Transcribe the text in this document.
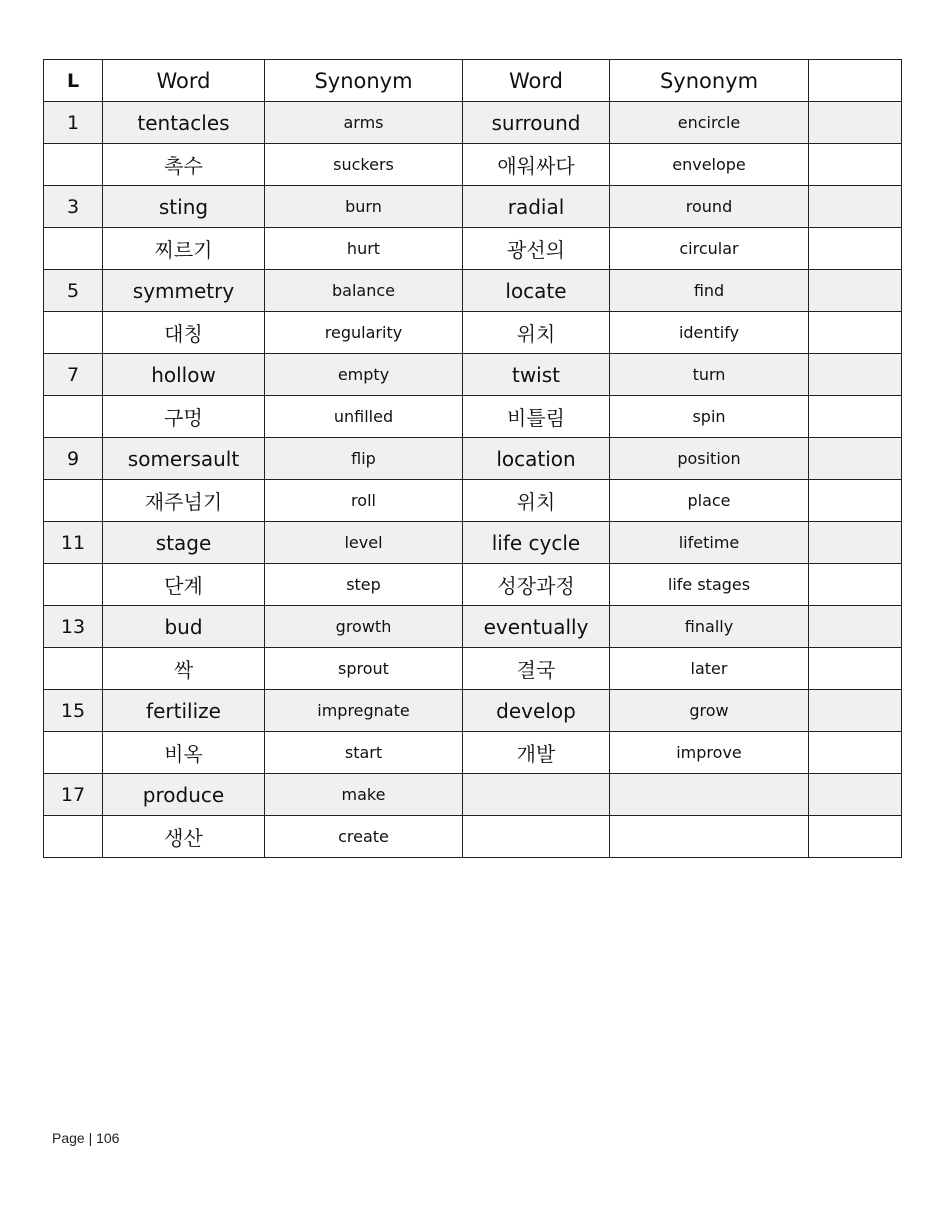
L	Word	Synonym	Word	Synonym	
1	tentacles	arms	surround	encircle	
	촉수	suckers	애워싸다	envelope	
3	sting	burn	radial	round	
	찌르기	hurt	광선의	circular	
5	symmetry	balance	locate	find	
	대칭	regularity	위치	identify	
7	hollow	empty	twist	turn	
	구멍	unfilled	비틀림	spin	
9	somersault	flip	location	position	
	재주넘기	roll	위치	place	
11	stage	level	life cycle	lifetime	
	단계	step	성장과정	life stages	
13	bud	growth	eventually	finally	
	싹	sprout	결국	later	
15	fertilize	impregnate	develop	grow	
	비옥	start	개발	improve	
17	produce	make			
	생산	create			
Page | 106
